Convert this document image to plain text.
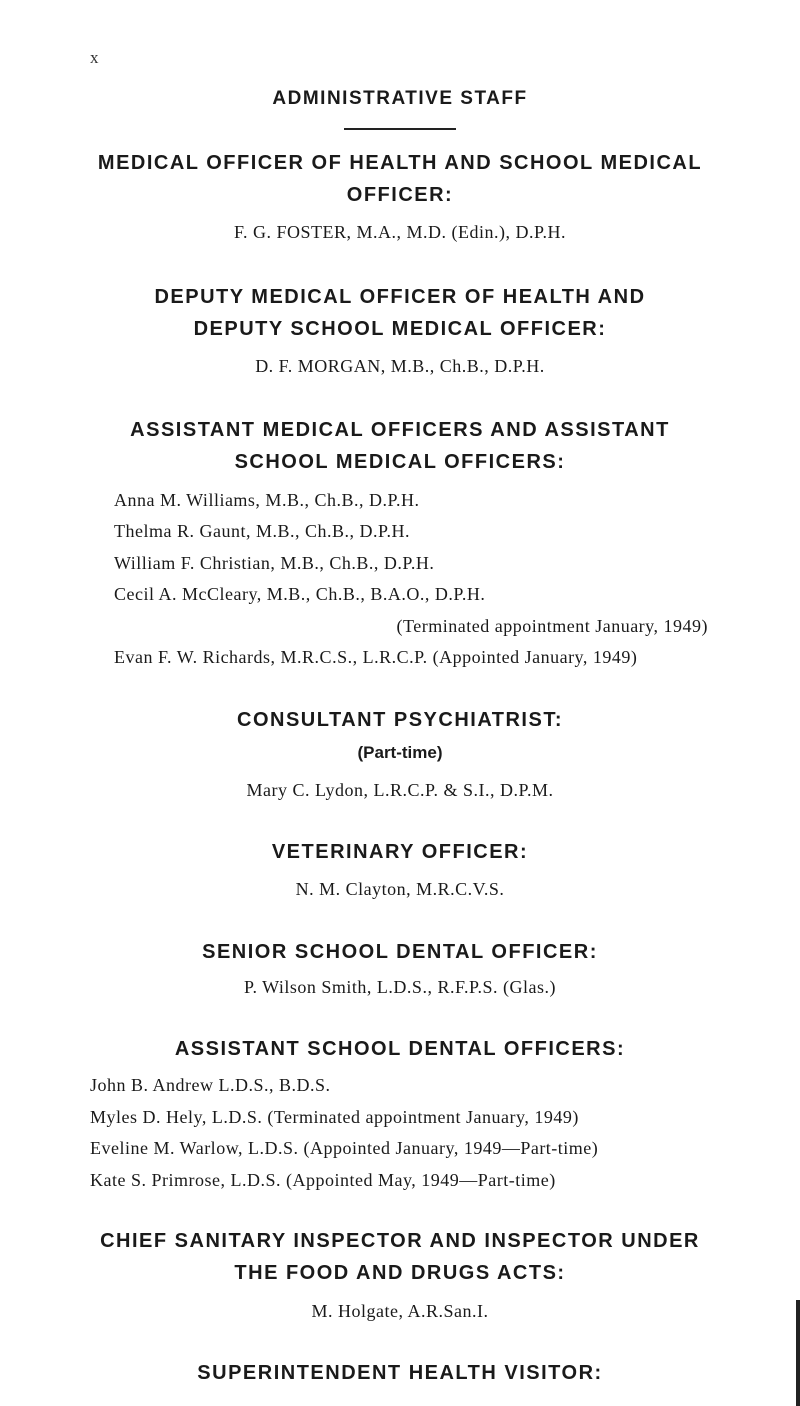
x
ADMINISTRATIVE STAFF
MEDICAL OFFICER OF HEALTH AND SCHOOL MEDICAL
OFFICER:
F. G. FOSTER, M.A., M.D. (Edin.), D.P.H.
DEPUTY MEDICAL OFFICER OF HEALTH AND
DEPUTY SCHOOL MEDICAL OFFICER:
D. F. MORGAN, M.B., Ch.B., D.P.H.
ASSISTANT MEDICAL OFFICERS AND ASSISTANT
SCHOOL MEDICAL OFFICERS:
Anna M. Williams, M.B., Ch.B., D.P.H.
Thelma R. Gaunt, M.B., Ch.B., D.P.H.
William F. Christian, M.B., Ch.B., D.P.H.
Cecil A. McCleary, M.B., Ch.B., B.A.O., D.P.H.
(Terminated appointment January, 1949)
Evan F. W. Richards, M.R.C.S., L.R.C.P. (Appointed January, 1949)
CONSULTANT PSYCHIATRIST:
(Part-time)
Mary C. Lydon, L.R.C.P. & S.I., D.P.M.
VETERINARY OFFICER:
N. M. Clayton, M.R.C.V.S.
SENIOR SCHOOL DENTAL OFFICER:
P. Wilson Smith, L.D.S., R.F.P.S. (Glas.)
ASSISTANT SCHOOL DENTAL OFFICERS:
John B. Andrew L.D.S., B.D.S.
Myles D. Hely, L.D.S. (Terminated appointment January, 1949)
Eveline M. Warlow, L.D.S. (Appointed January, 1949—Part-time)
Kate S. Primrose, L.D.S. (Appointed May, 1949—Part-time)
CHIEF SANITARY INSPECTOR AND INSPECTOR UNDER
THE FOOD AND DRUGS ACTS:
M. Holgate, A.R.San.I.
SUPERINTENDENT HEALTH VISITOR:
